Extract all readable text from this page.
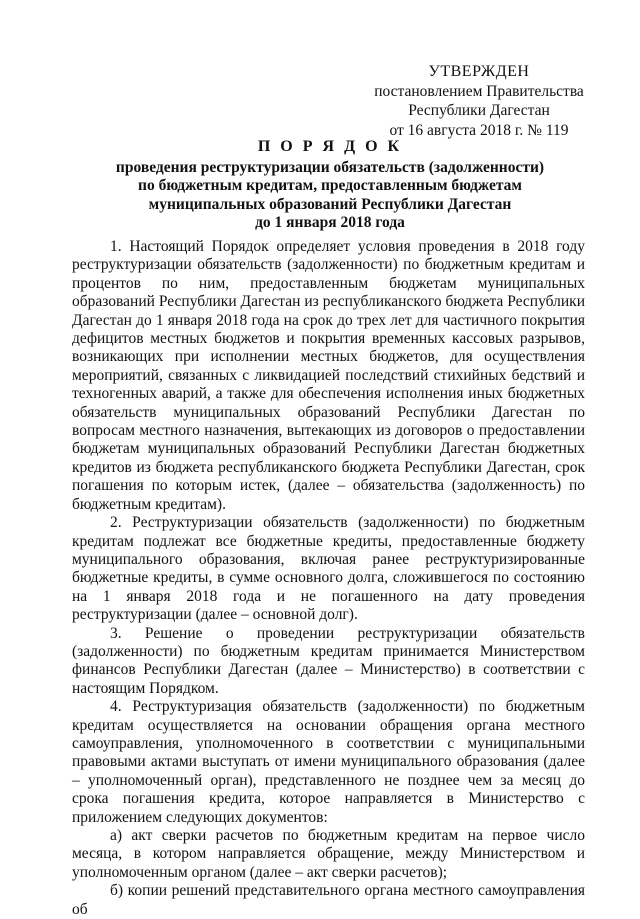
УТВЕРЖДЕН
постановлением Правительства
Республики Дагестан
от 16 августа 2018 г. № 119
П О Р Я Д О К
проведения реструктуризации обязательств (задолженности)
по бюджетным кредитам, предоставленным бюджетам
муниципальных образований Республики Дагестан
до 1 января 2018 года

1. Настоящий Порядок определяет условия проведения в 2018 году реструктуризации обязательств (задолженности) по бюджетным кредитам и процентов по ним, предоставленным бюджетам муниципальных образований Республики Дагестан из республиканского бюджета Республики Дагестан до 1 января 2018 года на срок до трех лет для частичного покрытия дефицитов местных бюджетов и покрытия временных кассовых разрывов, возникающих при исполнении местных бюджетов, для осуществления мероприятий, связанных с ликвидацией последствий стихийных бедствий и техногенных аварий, а также для обеспечения исполнения иных бюджетных обязательств муниципальных образований Республики Дагестан по вопросам местного назначения, вытекающих из договоров о предоставлении бюджетам муниципальных образований Республики Дагестан бюджетных кредитов из бюджета республиканского бюджета Республики Дагестан, срок погашения по которым истек, (далее – обязательства (задолженность) по бюджетным кредитам).

2. Реструктуризации обязательств (задолженности) по бюджетным кредитам подлежат все бюджетные кредиты, предоставленные бюджету муниципального образования, включая ранее реструктуризированные бюджетные кредиты, в сумме основного долга, сложившегося по состоянию на 1 января 2018 года и не погашенного на дату проведения реструктуризации (далее – основной долг).

3. Решение о проведении реструктуризации обязательств (задолженности) по бюджетным кредитам принимается Министерством финансов Республики Дагестан (далее – Министерство) в соответствии с настоящим Порядком.

4. Реструктуризация обязательств (задолженности) по бюджетным кредитам осуществляется на основании обращения органа местного самоуправления, уполномоченного в соответствии с муниципальными правовыми актами выступать от имени муниципального образования (далее – уполномоченный орган), представленного не позднее чем за месяц до срока погашения кредита, которое направляется в Министерство с приложением следующих документов:

а) акт сверки расчетов по бюджетным кредитам на первое число месяца, в котором направляется обращение, между Министерством и уполномоченным органом (далее – акт сверки расчетов);

б) копии решений представительного органа местного самоуправления об
